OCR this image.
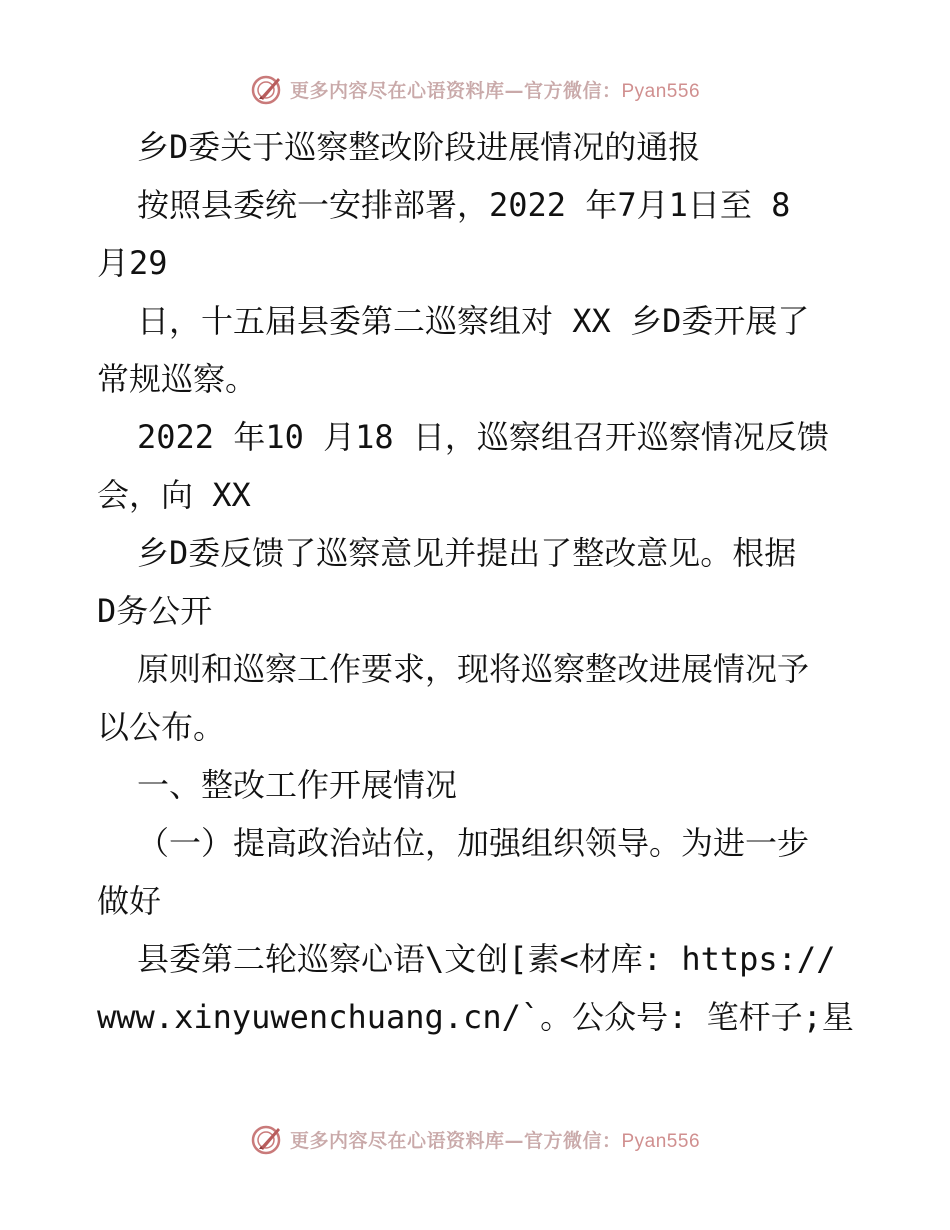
更多内容尽在心语资料库—官方微信：Pyan556
乡D委关于巡察整改阶段进展情况的通报
按照县委统一安排部署，2022 年7月1日至 8
月29
日，十五届县委第二巡察组对 XX 乡D委开展了
常规巡察。
2022 年10 月18 日，巡察组召开巡察情况反馈
会，向 XX
乡D委反馈了巡察意见并提出了整改意见。根据
D务公开
原则和巡察工作要求，现将巡察整改进展情况予
以公布。
一、整改工作开展情况
（一）提高政治站位，加强组织领导。为进一步
做好
县委第二轮巡察心语\文创[素<材库: https://
www.xinyuwenchuang.cn/`。公众号: 笔杆子;星
更多内容尽在心语资料库—官方微信：Pyan556
